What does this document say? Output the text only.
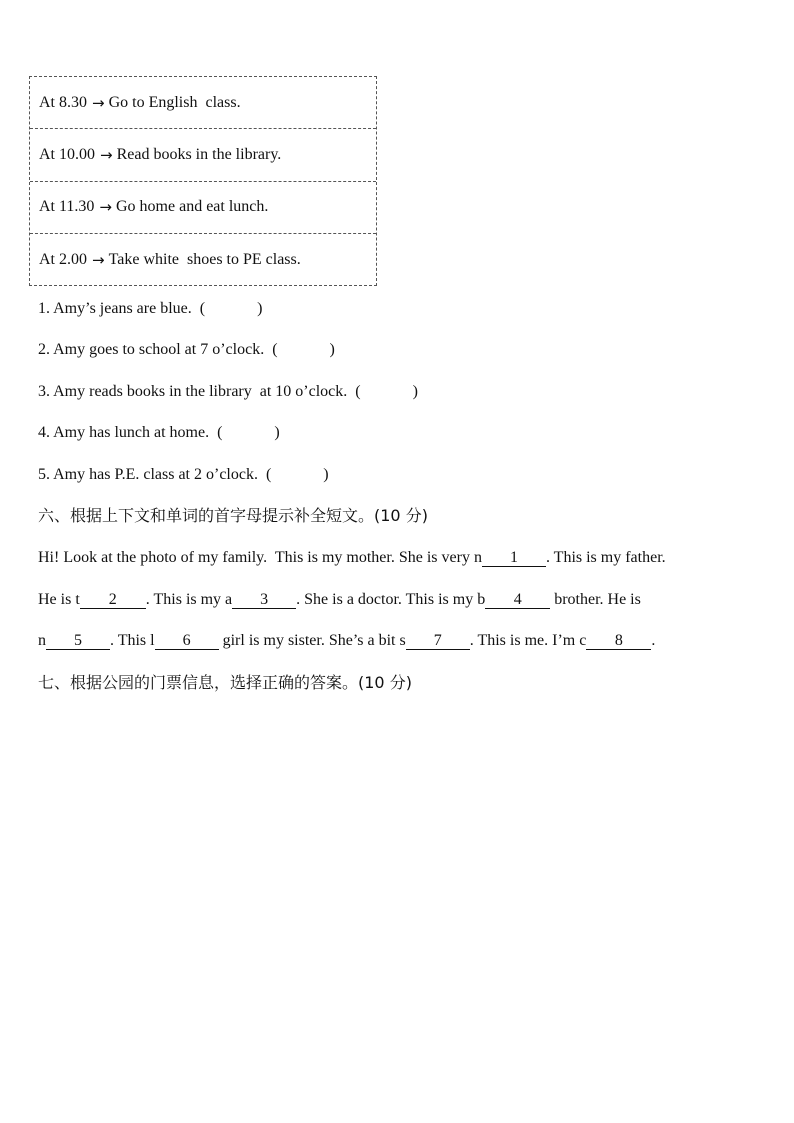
At 8.30 → Go to English  class.
At 10.00 → Read books in the library.
At 11.30 → Go home and eat lunch.
At 2.00 → Take white  shoes to PE class.
1. Amy’s jeans are blue. (             )
2. Amy goes to school at 7 o’clock. (             )
3. Amy reads books in the library  at 10 o’clock. (             )
4. Amy has lunch at home. (             )
5. Amy has P.E. class at 2 o’clock. (             )
六、根据上下文和单词的首字母提示补全短文。(10 分)
Hi! Look at the photo of my family.  This is my mother. She is very n 1 . This is my father.
He is t 2 . This is my a 3 . She is a doctor. This is my b 4 brother. He is
n 5 . This l 6 girl is my sister. She’s a bit s 7 . This is me. I’m c 8 .
七、根据公园的门票信息，选择正确的答案。(10 分)
